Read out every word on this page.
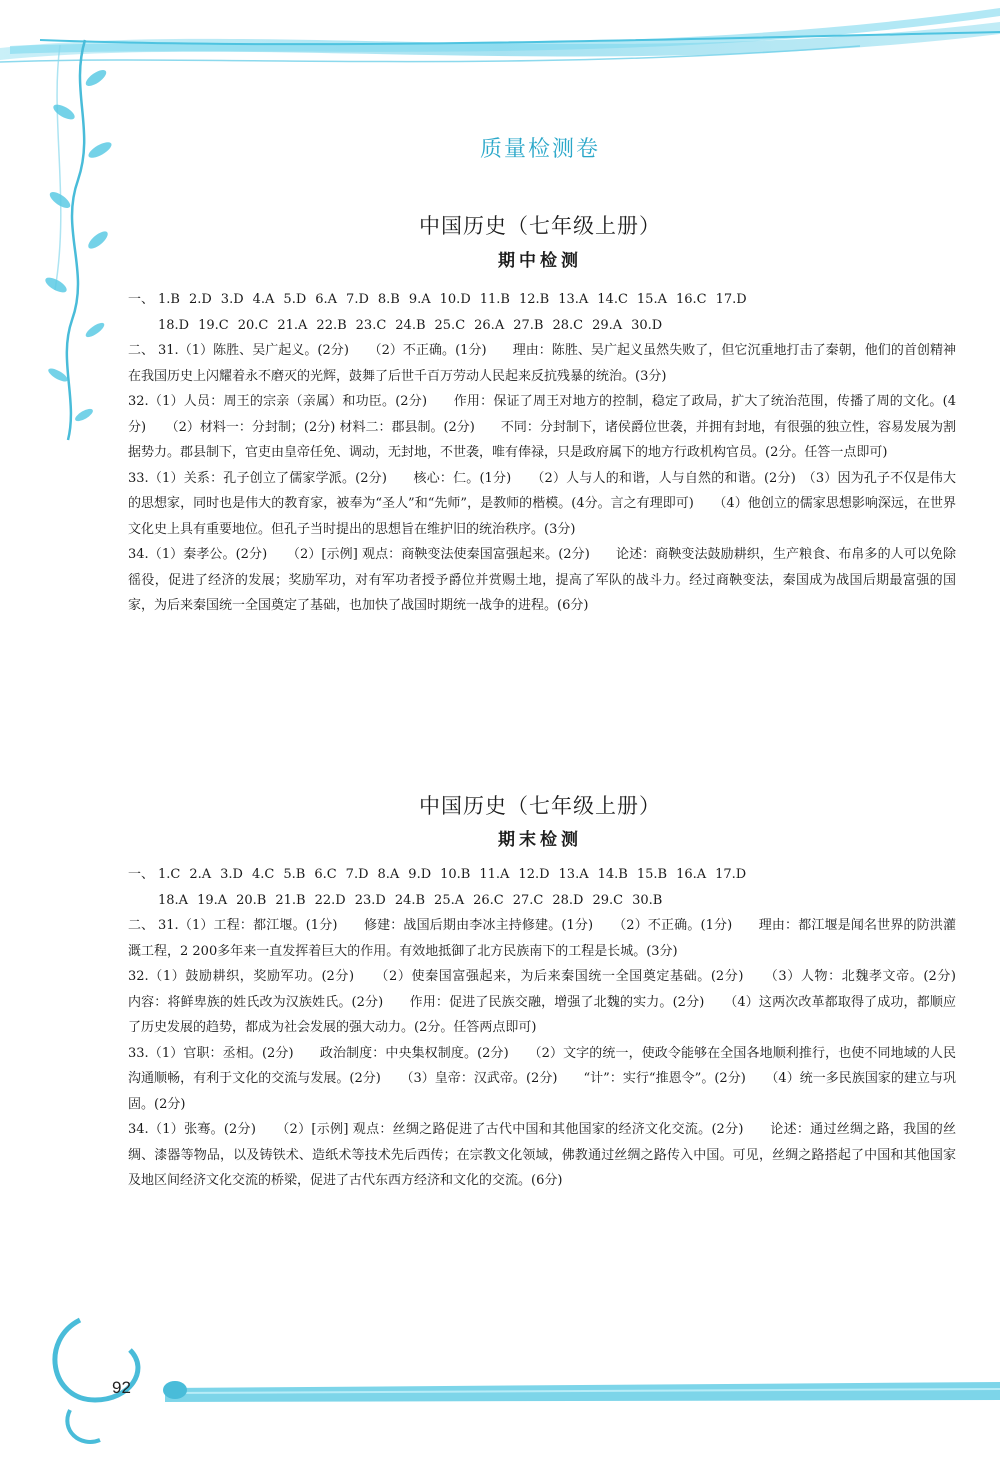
质量检测卷
中国历史（七年级上册）
期中检测
一、 1.B 2.D 3.D 4.A 5.D 6.A 7.D 8.B 9.A 10.D 11.B 12.B 13.A 14.C 15.A 16.C 17.D
18.D 19.C 20.C 21.A 22.B 23.C 24.B 25.C 26.A 27.B 28.C 29.A 30.D
二、 31.（1）陈胜、吴广起义。(2分)　　（2）不正确。(1分)　　理由：陈胜、吴广起义虽然失败了，但它沉重地打击了秦朝，他们的首创精神在我国历史上闪耀着永不磨灭的光辉，鼓舞了后世千百万劳动人民起来反抗残暴的统治。(3分)
32.（1）人员：周王的宗亲（亲属）和功臣。(2分)　　作用：保证了周王对地方的控制，稳定了政局，扩大了统治范围，传播了周的文化。(4分)　　（2）材料一：分封制；(2分) 材料二：郡县制。(2分)　　不同：分封制下，诸侯爵位世袭，并拥有封地，有很强的独立性，容易发展为割据势力。郡县制下，官吏由皇帝任免、调动，无封地，不世袭，唯有俸禄，只是政府属下的地方行政机构官员。(2分。任答一点即可)
33.（1）关系：孔子创立了儒家学派。(2分)　　核心：仁。(1分)　　（2）人与人的和谐，人与自然的和谐。(2分)　（3）因为孔子不仅是伟大的思想家，同时也是伟大的教育家，被奉为“圣人”和“先师”，是教师的楷模。(4分。言之有理即可)　　（4）他创立的儒家思想影响深远，在世界文化史上具有重要地位。但孔子当时提出的思想旨在维护旧的统治秩序。(3分)
34.（1）秦孝公。(2分)　　（2）[示例] 观点：商鞅变法使秦国富强起来。(2分)　　论述：商鞅变法鼓励耕织，生产粮食、布帛多的人可以免除徭役，促进了经济的发展；奖励军功，对有军功者授予爵位并赏赐土地，提高了军队的战斗力。经过商鞅变法，秦国成为战国后期最富强的国家，为后来秦国统一全国奠定了基础，也加快了战国时期统一战争的进程。(6分)
中国历史（七年级上册）
期末检测
一、 1.C 2.A 3.D 4.C 5.B 6.C 7.D 8.A 9.D 10.B 11.A 12.D 13.A 14.B 15.B 16.A 17.D
18.A 19.A 20.B 21.B 22.D 23.D 24.B 25.A 26.C 27.C 28.D 29.C 30.B
二、 31.（1）工程：都江堰。(1分)　　修建：战国后期由李冰主持修建。(1分)　　（2）不正确。(1分)　　理由：都江堰是闻名世界的防洪灌溉工程，2 200多年来一直发挥着巨大的作用。有效地抵御了北方民族南下的工程是长城。(3分)
32.（1）鼓励耕织，奖励军功。(2分)　　（2）使秦国富强起来，为后来秦国统一全国奠定基础。(2分)　　（3）人物：北魏孝文帝。(2分)　　内容：将鲜卑族的姓氏改为汉族姓氏。(2分)　　作用：促进了民族交融，增强了北魏的实力。(2分)　　（4）这两次改革都取得了成功，都顺应了历史发展的趋势，都成为社会发展的强大动力。(2分。任答两点即可)
33.（1）官职：丞相。(2分)　　政治制度：中央集权制度。(2分)　　（2）文字的统一，使政令能够在全国各地顺利推行，也使不同地域的人民沟通顺畅，有利于文化的交流与发展。(2分)　　（3）皇帝：汉武帝。(2分)　　“计”：实行“推恩令”。(2分)　　（4）统一多民族国家的建立与巩固。(2分)
34.（1）张骞。(2分)　　（2）[示例] 观点：丝绸之路促进了古代中国和其他国家的经济文化交流。(2分)　　论述：通过丝绸之路，我国的丝绸、漆器等物品，以及铸铁术、造纸术等技术先后西传；在宗教文化领域，佛教通过丝绸之路传入中国。可见，丝绸之路搭起了中国和其他国家及地区间经济文化交流的桥梁，促进了古代东西方经济和文化的交流。(6分)
92
